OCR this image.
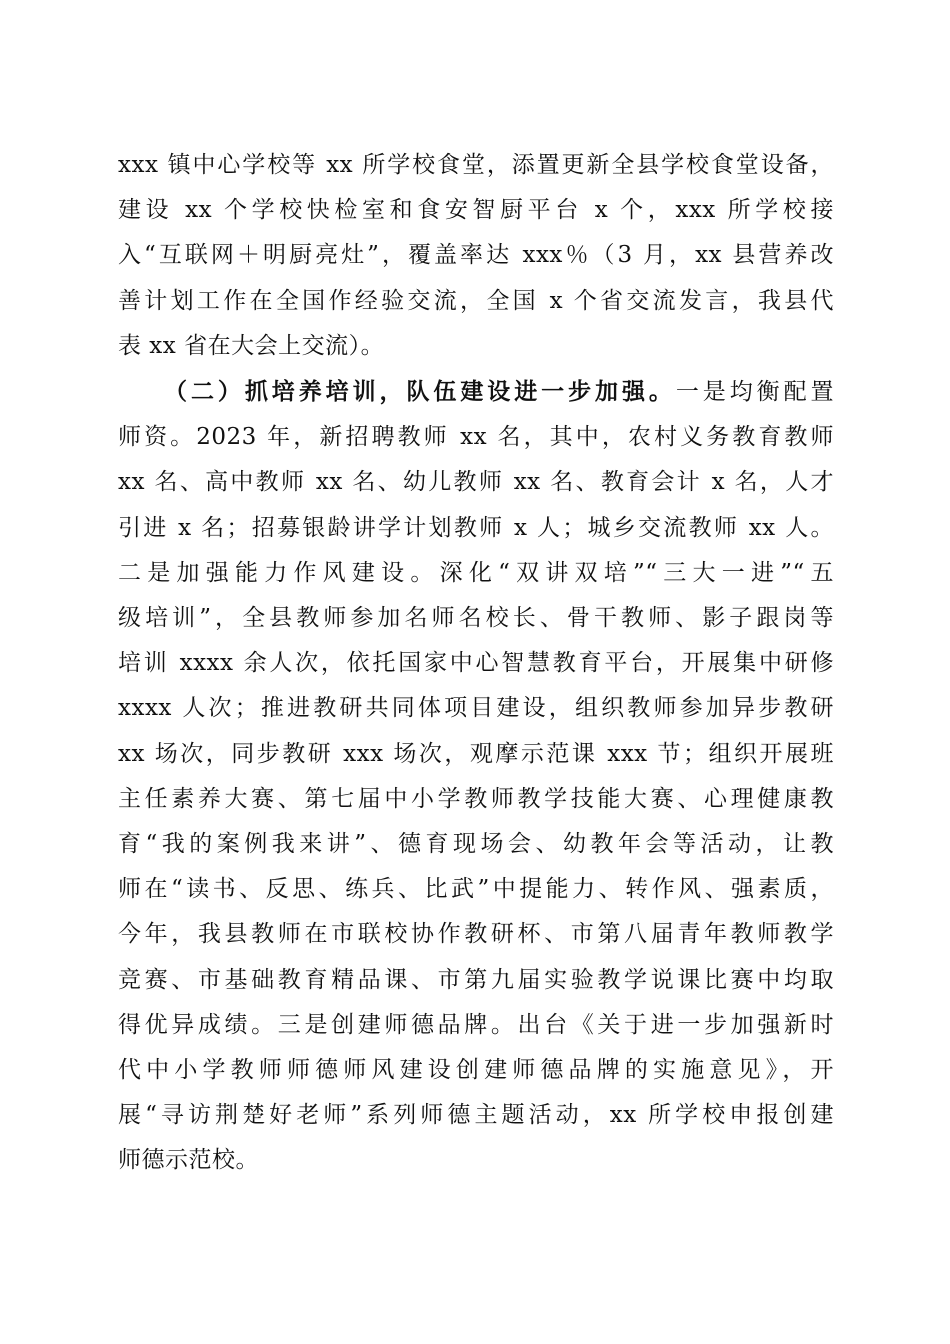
xxx 镇中心学校等 xx 所学校食堂，添置更新全县学校食堂设备，
建设 xx 个学校快检室和食安智厨平台 x 个，xxx 所学校接
入“互联网＋明厨亮灶”，覆盖率达 xxx％（3 月，xx 县营养改
善计划工作在全国作经验交流，全国 x 个省交流发言，我县代
表 xx 省在大会上交流）。
（二）抓培养培训，队伍建设进一步加强。一是均衡配置
师资。2023 年，新招聘教师 xx 名，其中，农村义务教育教师
xx 名、高中教师 xx 名、幼儿教师 xx 名、教育会计 x 名，人才
引进 x 名；招募银龄讲学计划教师 x 人；城乡交流教师 xx 人。
二是加强能力作风建设。深化“双讲双培”“三大一进”“五
级培训”，全县教师参加名师名校长、骨干教师、影子跟岗等
培训 xxxx 余人次，依托国家中心智慧教育平台，开展集中研修
xxxx 人次；推进教研共同体项目建设，组织教师参加异步教研
xx 场次，同步教研 xxx 场次，观摩示范课 xxx 节；组织开展班
主任素养大赛、第七届中小学教师教学技能大赛、心理健康教
育“我的案例我来讲”、德育现场会、幼教年会等活动，让教
师在“读书、反思、练兵、比武”中提能力、转作风、强素质，
今年，我县教师在市联校协作教研杯、市第八届青年教师教学
竞赛、市基础教育精品课、市第九届实验教学说课比赛中均取
得优异成绩。三是创建师德品牌。出台《关于进一步加强新时
代中小学教师师德师风建设创建师德品牌的实施意见》，开
展“寻访荆楚好老师”系列师德主题活动，xx 所学校申报创建
师德示范校。
